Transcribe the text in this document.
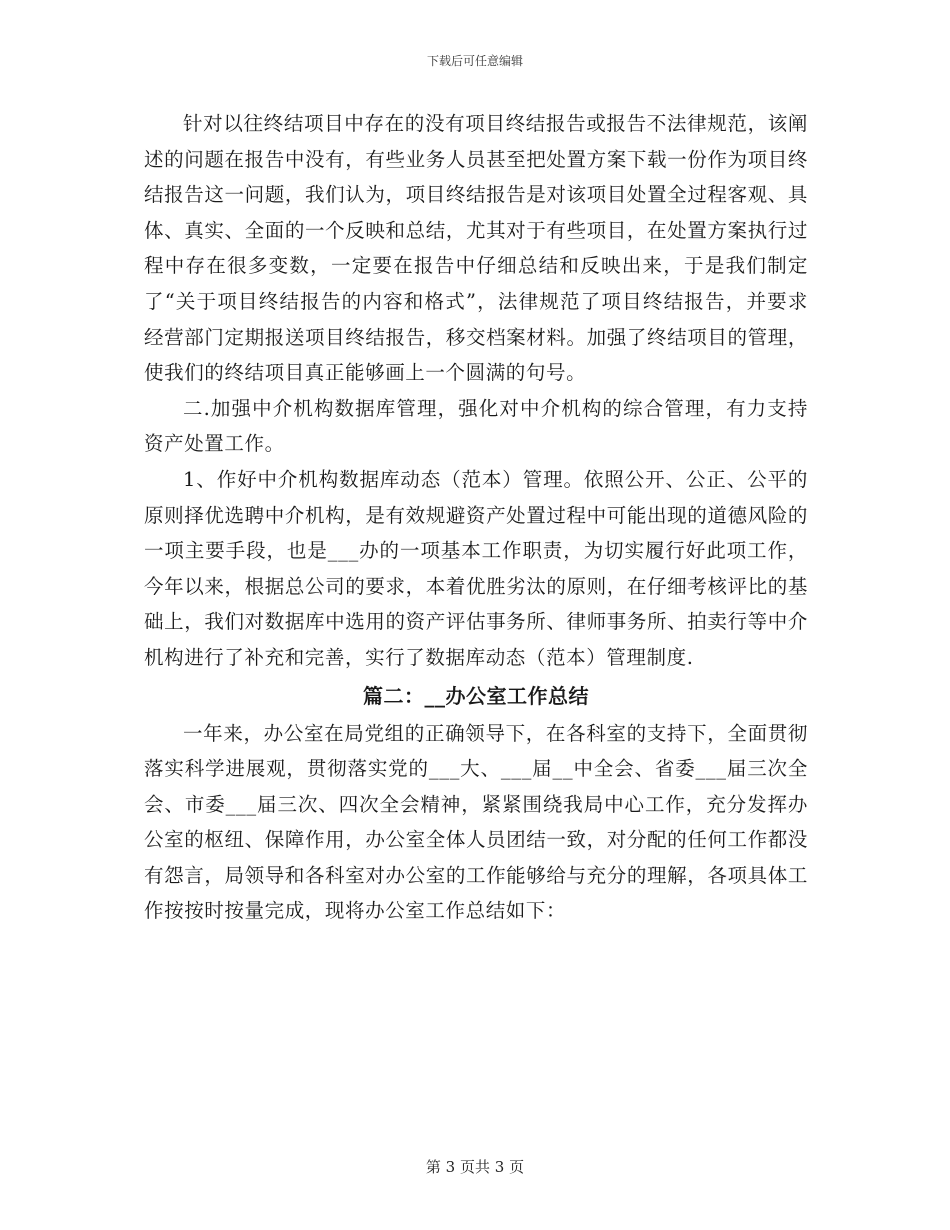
下载后可任意编辑

针对以往终结项目中存在的没有项目终结报告或报告不法律规范，该阐述的问题在报告中没有，有些业务人员甚至把处置方案下载一份作为项目终结报告这一问题，我们认为，项目终结报告是对该项目处置全过程客观、具体、真实、全面的一个反映和总结，尤其对于有些项目，在处置方案执行过程中存在很多变数，一定要在报告中仔细总结和反映出来，于是我们制定了“关于项目终结报告的内容和格式”，法律规范了项目终结报告，并要求经营部门定期报送项目终结报告，移交档案材料。加强了终结项目的管理，使我们的终结项目真正能够画上一个圆满的句号。

二.加强中介机构数据库管理，强化对中介机构的综合管理，有力支持资产处置工作。

1、作好中介机构数据库动态（范本）管理。依照公开、公正、公平的原则择优选聘中介机构，是有效规避资产处置过程中可能出现的道德风险的一项主要手段，也是___办的一项基本工作职责，为切实履行好此项工作，今年以来，根据总公司的要求，本着优胜劣汰的原则，在仔细考核评比的基础上，我们对数据库中选用的资产评估事务所、律师事务所、拍卖行等中介机构进行了补充和完善，实行了数据库动态（范本）管理制度.

篇二：__办公室工作总结

一年来，办公室在局党组的正确领导下，在各科室的支持下，全面贯彻落实科学进展观，贯彻落实党的___大、___届__中全会、省委___届三次全会、市委___届三次、四次全会精神，紧紧围绕我局中心工作，充分发挥办公室的枢纽、保障作用，办公室全体人员团结一致，对分配的任何工作都没有怨言，局领导和各科室对办公室的工作能够给与充分的理解，各项具体工作按按时按量完成，现将办公室工作总结如下：

第 3 页共 3 页
